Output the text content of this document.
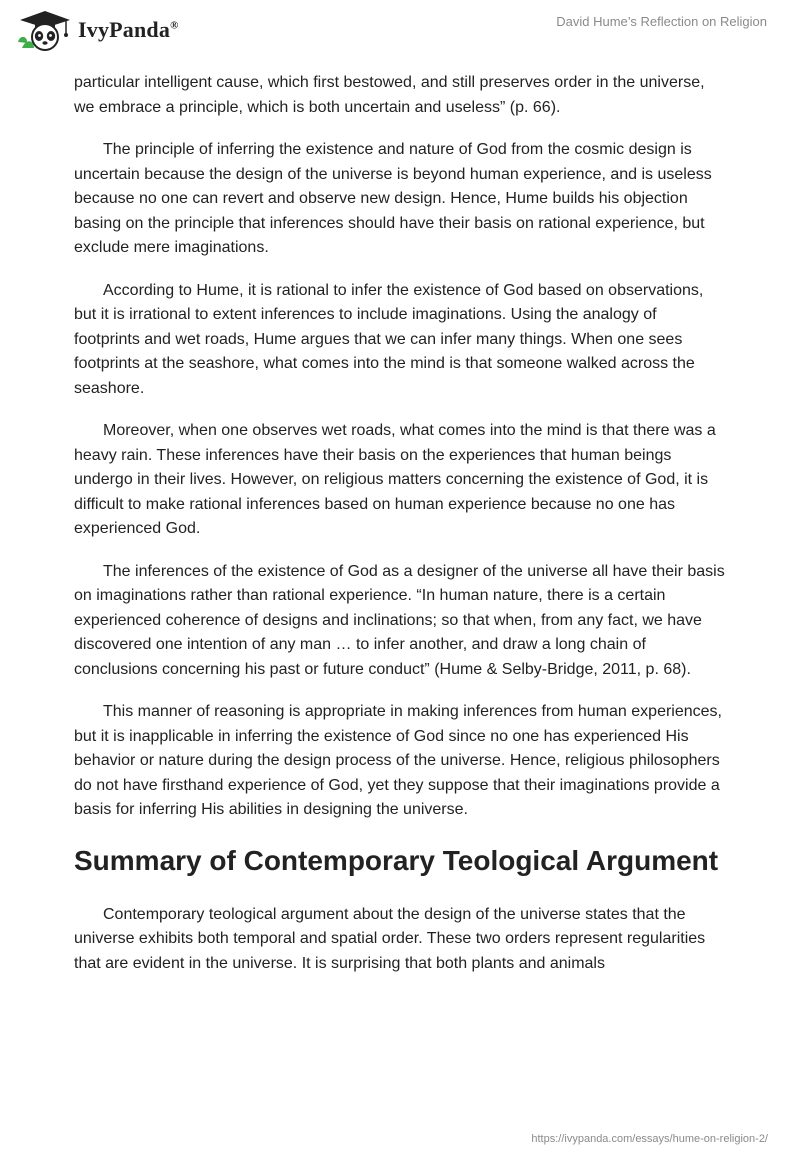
IvyPanda®	David Hume’s Reflection on Religion

particular intelligent cause, which first bestowed, and still preserves order in the universe, we embrace a principle, which is both uncertain and useless” (p. 66).

The principle of inferring the existence and nature of God from the cosmic design is uncertain because the design of the universe is beyond human experience, and is useless because no one can revert and observe new design. Hence, Hume builds his objection basing on the principle that inferences should have their basis on rational experience, but exclude mere imaginations.

According to Hume, it is rational to infer the existence of God based on observations, but it is irrational to extent inferences to include imaginations. Using the analogy of footprints and wet roads, Hume argues that we can infer many things. When one sees footprints at the seashore, what comes into the mind is that someone walked across the seashore.

Moreover, when one observes wet roads, what comes into the mind is that there was a heavy rain. These inferences have their basis on the experiences that human beings undergo in their lives. However, on religious matters concerning the existence of God, it is difficult to make rational inferences based on human experience because no one has experienced God.

The inferences of the existence of God as a designer of the universe all have their basis on imaginations rather than rational experience. “In human nature, there is a certain experienced coherence of designs and inclinations; so that when, from any fact, we have discovered one intention of any man … to infer another, and draw a long chain of conclusions concerning his past or future conduct” (Hume & Selby-Bridge, 2011, p. 68).

This manner of reasoning is appropriate in making inferences from human experiences, but it is inapplicable in inferring the existence of God since no one has experienced His behavior or nature during the design process of the universe. Hence, religious philosophers do not have firsthand experience of God, yet they suppose that their imaginations provide a basis for inferring His abilities in designing the universe.

Summary of Contemporary Teological Argument

Contemporary teological argument about the design of the universe states that the universe exhibits both temporal and spatial order. These two orders represent regularities that are evident in the universe. It is surprising that both plants and animals

https://ivypanda.com/essays/hume-on-religion-2/
